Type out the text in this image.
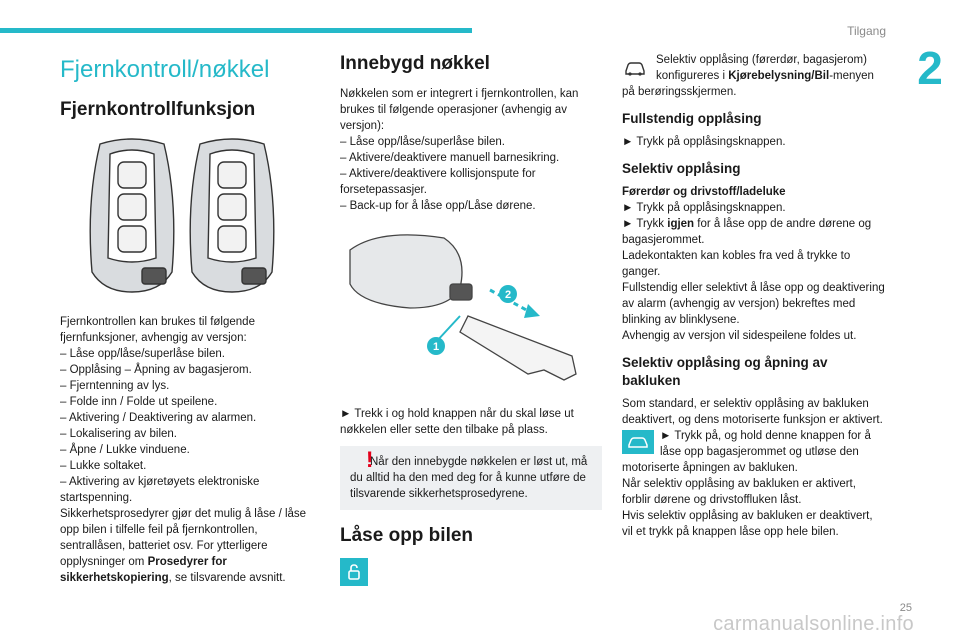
Tilgang
2
Fjernkontroll/nøkkel
Fjernkontrollfunksjon

Fjernkontrollen kan brukes til følgende fjernfunksjoner, avhengig av versjon:

– Låse opp/låse/superlåse bilen.
– Opplåsing – Åpning av bagasjerom.
– Fjerntenning av lys.
– Folde inn / Folde ut speilene.
– Aktivering / Deaktivering av alarmen.
– Lokalisering av bilen.
– Åpne / Lukke vinduene.
– Lukke soltaket.
– Aktivering av kjøretøyets elektroniske startspenning.

Sikkerhetsprosedyrer gjør det mulig å låse / låse opp bilen i tilfelle feil på fjernkontrollen, sentrallåsen, batteriet osv. For ytterligere opplysninger om Prosedyrer for sikkerhetskopiering, se tilsvarende avsnitt.

Innebygd nøkkel

Nøkkelen som er integrert i fjernkontrollen, kan brukes til følgende operasjoner (avhengig av versjon):

– Låse opp/låse/superlåse bilen.
– Aktivere/deaktivere manuell barnesikring.
– Aktivere/deaktivere kollisjonspute for forsetepassasjer.
– Back-up for å låse opp/Låse dørene.
1
2

► Trekk i og hold knappen når du skal løse ut nøkkelen eller sette den tilbake på plass.

!

Når den innebygde nøkkelen er løst ut, må du alltid ha den med deg for å kunne utføre de tilsvarende sikkerhetsprosedyrene.

Låse opp bilen

Selektiv opplåsing (førerdør, bagasjerom) konfigureres i Kjørebelysning/Bil-menyen på berøringsskjermen.

Fullstendig opplåsing

► Trykk på opplåsingsknappen.

Selektiv opplåsing

Førerdør og drivstoff/ladeluke

► Trykk på opplåsingsknappen.

► Trykk igjen for å låse opp de andre dørene og bagasjerommet.

Ladekontakten kan kobles fra ved å trykke to ganger.

Fullstendig eller selektivt å låse opp og deaktivering av alarm (avhengig av versjon) bekreftes med blinking av blinklysene.

Avhengig av versjon vil sidespeilene foldes ut.

Selektiv opplåsing og åpning av bakluken

Som standard, er selektiv opplåsing av bakluken deaktivert, og dens motoriserte funksjon er aktivert.

► Trykk på, og hold denne knappen for å låse opp bagasjerommet og utløse den motoriserte åpningen av bakluken.

Når selektiv opplåsing av bakluken er aktivert, forblir dørene og drivstoffluken låst.

Hvis selektiv opplåsing av bakluken er deaktivert, vil et trykk på knappen låse opp hele bilen.

carmanualsonline.info
25
